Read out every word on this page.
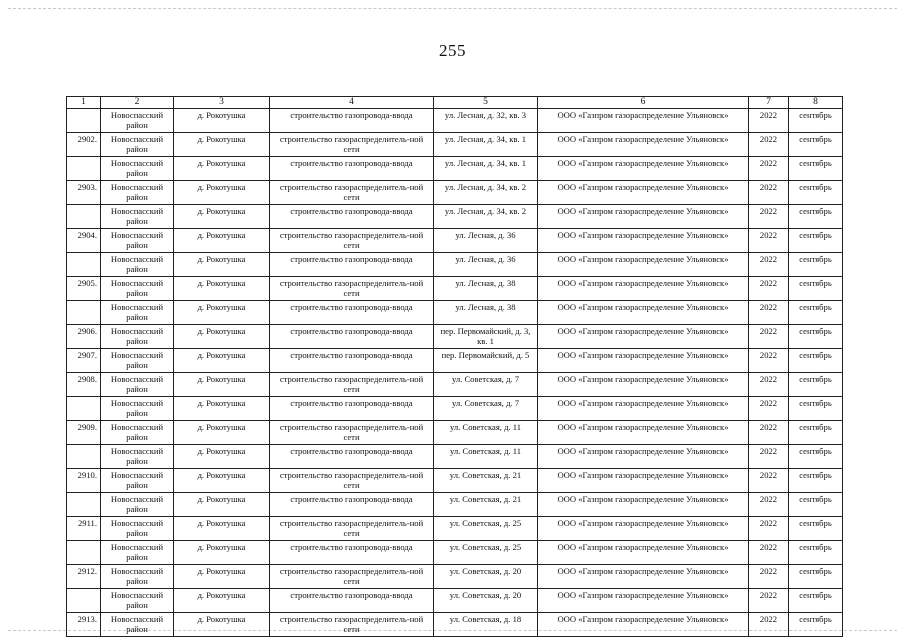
255
1	2	3	4	5	6	7	8
	Новоспасский район	д. Рокотушка	строительство газопровода-ввода	ул. Лесная, д. 32, кв. 3	ООО «Газпром газораспределение Ульяновск»	2022	сентябрь
2902.	Новоспасский район	д. Рокотушка	строительство газораспределитель-ной сети	ул. Лесная, д. 34, кв. 1	ООО «Газпром газораспределение Ульяновск»	2022	сентябрь
	Новоспасский район	д. Рокотушка	строительство газопровода-ввода	ул. Лесная, д. 34, кв. 1	ООО «Газпром газораспределение Ульяновск»	2022	сентябрь
2903.	Новоспасский район	д. Рокотушка	строительство газораспределитель-ной сети	ул. Лесная, д. 34, кв. 2	ООО «Газпром газораспределение Ульяновск»	2022	сентябрь
	Новоспасский район	д. Рокотушка	строительство газопровода-ввода	ул. Лесная, д. 34, кв. 2	ООО «Газпром газораспределение Ульяновск»	2022	сентябрь
2904.	Новоспасский район	д. Рокотушка	строительство газораспределитель-ной сети	ул. Лесная, д. 36	ООО «Газпром газораспределение Ульяновск»	2022	сентябрь
	Новоспасский район	д. Рокотушка	строительство газопровода-ввода	ул. Лесная, д. 36	ООО «Газпром газораспределение Ульяновск»	2022	сентябрь
2905.	Новоспасский район	д. Рокотушка	строительство газораспределитель-ной сети	ул. Лесная, д. 38	ООО «Газпром газораспределение Ульяновск»	2022	сентябрь
	Новоспасский район	д. Рокотушка	строительство газопровода-ввода	ул. Лесная, д. 38	ООО «Газпром газораспределение Ульяновск»	2022	сентябрь
2906.	Новоспасский район	д. Рокотушка	строительство газопровода-ввода	пер. Первомайский, д. 3, кв. 1	ООО «Газпром газораспределение Ульяновск»	2022	сентябрь
2907.	Новоспасский район	д. Рокотушка	строительство газопровода-ввода	пер. Первомайский, д. 5	ООО «Газпром газораспределение Ульяновск»	2022	сентябрь
2908.	Новоспасский район	д. Рокотушка	строительство газораспределитель-ной сети	ул. Советская, д. 7	ООО «Газпром газораспределение Ульяновск»	2022	сентябрь
	Новоспасский район	д. Рокотушка	строительство газопровода-ввода	ул. Советская, д. 7	ООО «Газпром газораспределение Ульяновск»	2022	сентябрь
2909.	Новоспасский район	д. Рокотушка	строительство газораспределитель-ной сети	ул. Советская, д. 11	ООО «Газпром газораспределение Ульяновск»	2022	сентябрь
	Новоспасский район	д. Рокотушка	строительство газопровода-ввода	ул. Советская, д. 11	ООО «Газпром газораспределение Ульяновск»	2022	сентябрь
2910.	Новоспасский район	д. Рокотушка	строительство газораспределитель-ной сети	ул. Советская, д. 21	ООО «Газпром газораспределение Ульяновск»	2022	сентябрь
	Новоспасский район	д. Рокотушка	строительство газопровода-ввода	ул. Советская, д. 21	ООО «Газпром газораспределение Ульяновск»	2022	сентябрь
2911.	Новоспасский район	д. Рокотушка	строительство газораспределитель-ной сети	ул. Советская, д. 25	ООО «Газпром газораспределение Ульяновск»	2022	сентябрь
	Новоспасский район	д. Рокотушка	строительство газопровода-ввода	ул. Советская, д. 25	ООО «Газпром газораспределение Ульяновск»	2022	сентябрь
2912.	Новоспасский район	д. Рокотушка	строительство газораспределитель-ной сети	ул. Советская, д. 20	ООО «Газпром газораспределение Ульяновск»	2022	сентябрь
	Новоспасский район	д. Рокотушка	строительство газопровода-ввода	ул. Советская, д. 20	ООО «Газпром газораспределение Ульяновск»	2022	сентябрь
2913.	Новоспасский район	д. Рокотушка	строительство газораспределитель-ной сети	ул. Советская, д. 18	ООО «Газпром газораспределение Ульяновск»	2022	сентябрь
